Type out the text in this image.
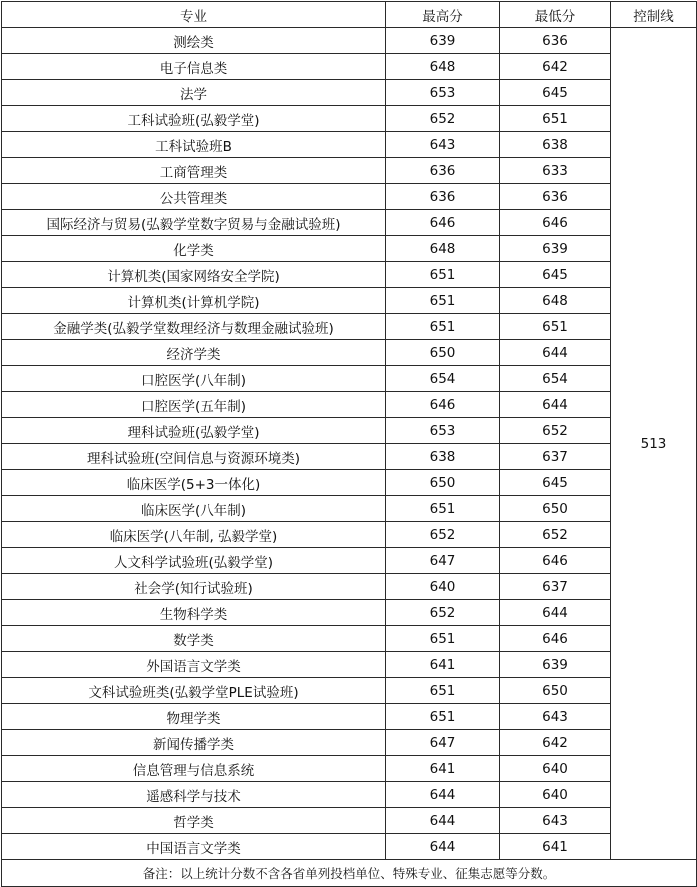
专业	最高分	最低分	控制线
测绘类	639	636	513
电子信息类	648	642	
法学	653	645	
工科试验班(弘毅学堂)	652	651	
工科试验班B	643	638	
工商管理类	636	633	
公共管理类	636	636	
国际经济与贸易(弘毅学堂数字贸易与金融试验班)	646	646	
化学类	648	639	
计算机类(国家网络安全学院)	651	645	
计算机类(计算机学院)	651	648	
金融学类(弘毅学堂数理经济与数理金融试验班)	651	651	
经济学类	650	644	
口腔医学(八年制)	654	654	
口腔医学(五年制)	646	644	
理科试验班(弘毅学堂)	653	652	
理科试验班(空间信息与资源环境类)	638	637	
临床医学(5+3一体化)	650	645	
临床医学(八年制)	651	650	
临床医学(八年制, 弘毅学堂)	652	652	
人文科学试验班(弘毅学堂)	647	646	
社会学(知行试验班)	640	637	
生物科学类	652	644	
数学类	651	646	
外国语言文学类	641	639	
文科试验班类(弘毅学堂PLE试验班)	651	650	
物理学类	651	643	
新闻传播学类	647	642	
信息管理与信息系统	641	640	
遥感科学与技术	644	640	
哲学类	644	643	
中国语言文学类	644	641	
备注：以上统计分数不含各省单列投档单位、特殊专业、征集志愿等分数。			
